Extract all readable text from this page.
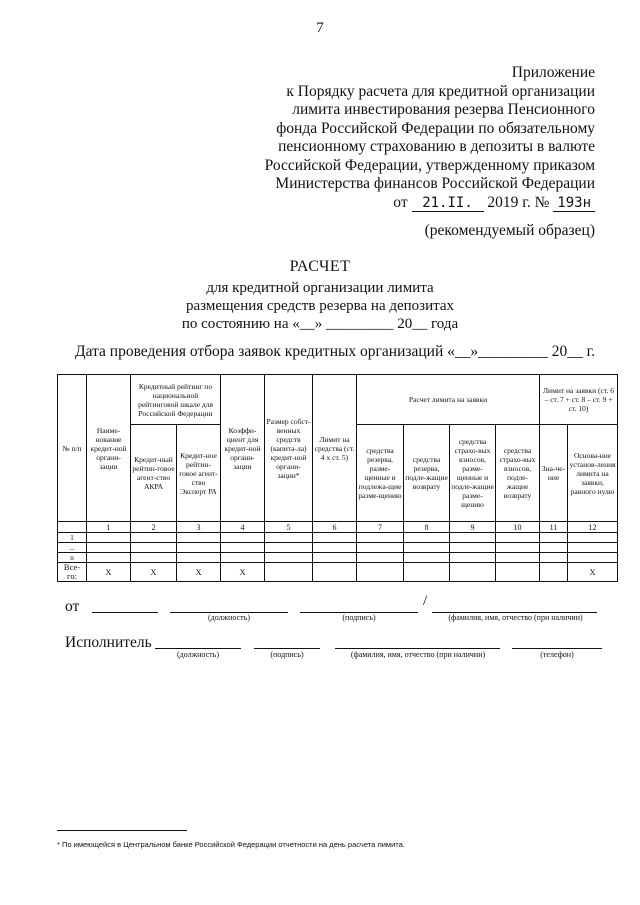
7
Приложение
к Порядку расчета для кредитной организации
лимита инвестирования резерва Пенсионного
фонда Российской Федерации по обязательному
пенсионному страхованию в депозиты в валюте
Российской Федерации, утвержденному приказом
Министерства финансов Российской Федерации
от 21.II. 2019 г. № 193н
(рекомендуемый образец)
РАСЧЕТ
для кредитной организации лимита
размещения средств резерва на депозитах
по состоянию на «__» _________ 20__ года
Дата проведения отбора заявок кредитных организаций «__»_________ 20__ г.
№ п/п	Наиме-нование кредит-ной органи-зации	Кредитный рейтинг по национальной рейтинговой шкале для Российской Федерации		Коэффи-циент для кредит-ной органи-зации	Размер собст-венных средств (капита-ла) кредит-ной органи-зации*	Лимит на средства (ст. 4 х ст. 5)	Расчет лимита на заявки				Лимит на заявки (ст. 6 – ст. 7 + ст. 8 – ст. 9 + ст. 10)	
		Кредит-ный рейтин-говое агент-ство АКРА	Кредит-ное рейтин-говое агент-ство Эксперт РА				средства резерва, разме-щенные и подлежа-щие разме-щению	средства резерва, подле-жащие возврату	средства страхо-вых взносов, разме-щенные и подле-жащие разме-щению	средства страхо-вых взносов, подле-жащие возврату	Зна-че-ние	Основа-ние установ-ления лимита на заявки, равного нулю
	1	2	3	4	5	6	7	8	9	10	11	12
1												
...												
n												
Все-го:	X	X	X	X								X
от
(должность)	(подпись)
/
(фамилия, имя, отчество (при наличии)
Исполнитель
(должность)	(подпись)	(фамилия, имя, отчество (при наличии)	(телефон)
* По имеющейся в Центральном банке Российской Федерации отчетности на день расчета лимита.
